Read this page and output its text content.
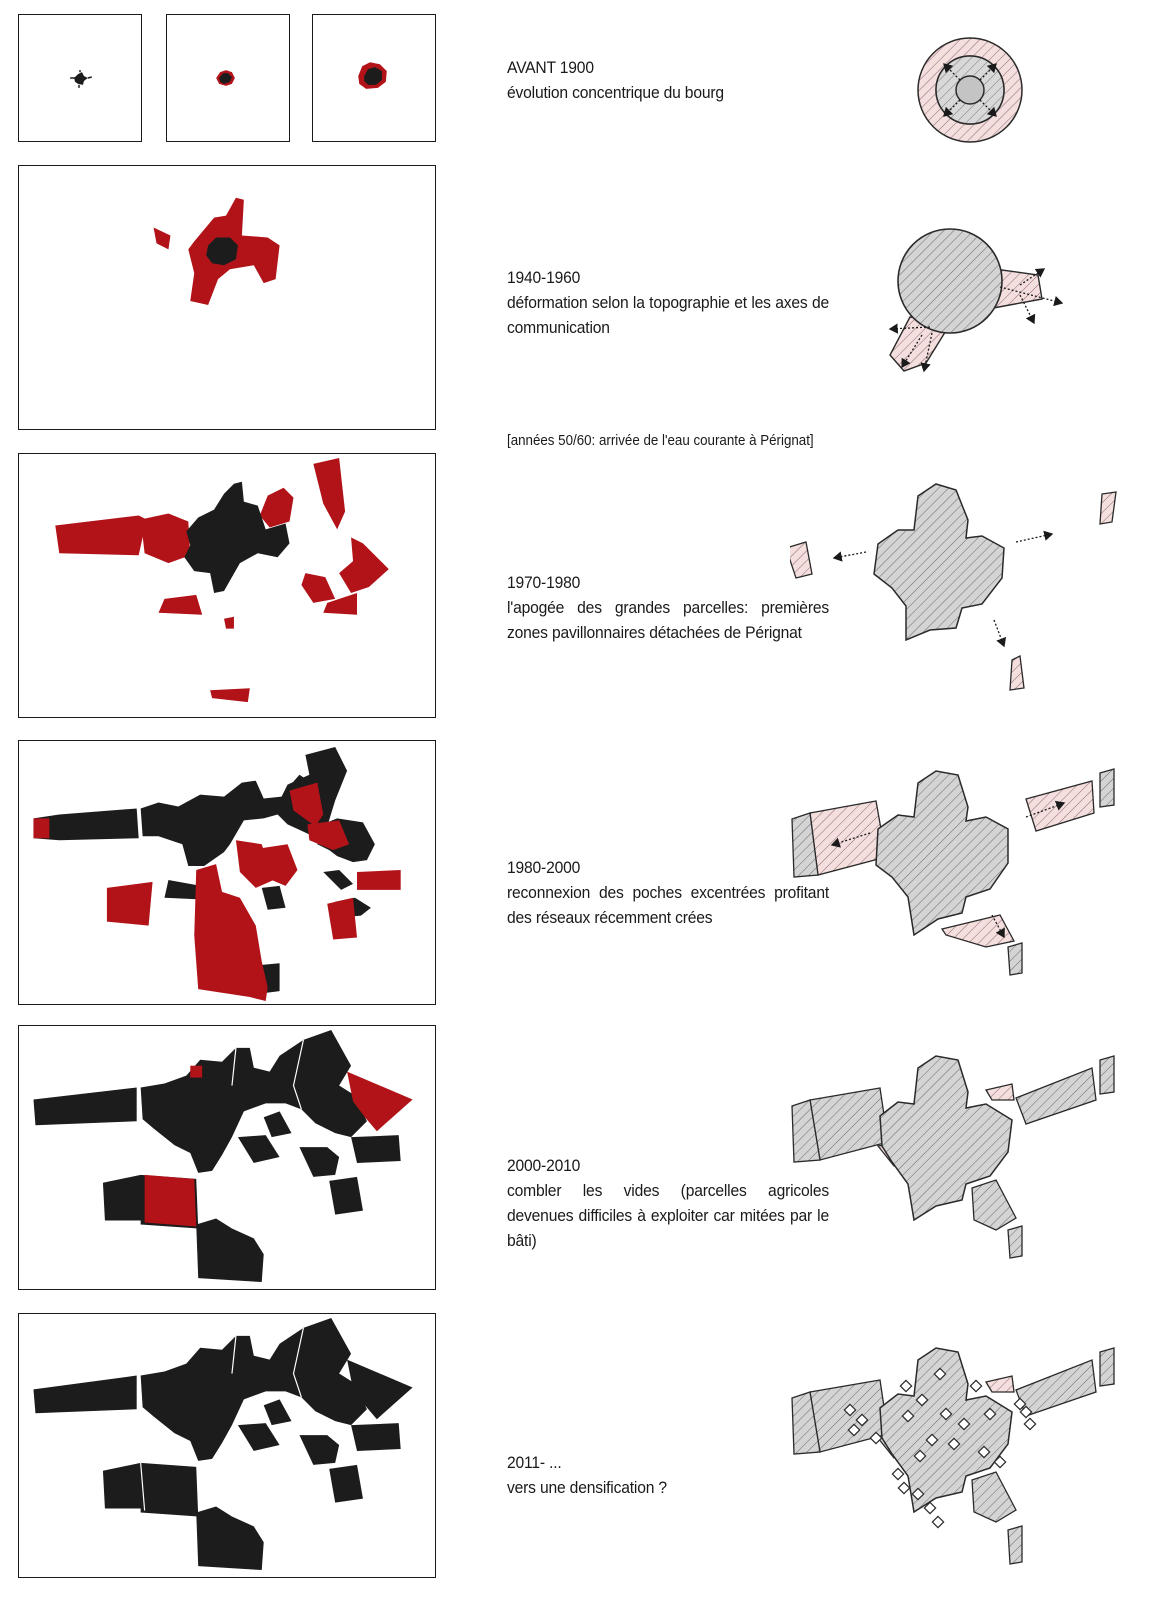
AVANT 1900
évolution concentrique du bourg
1940-1960
déformation selon la topographie et les axes de communication
[années 50/60: arrivée de l'eau courante à Pérignat]
1970-1980
l'apogée des grandes parcelles: premières zones pavillonnaires détachées de Pérignat
1980-2000
reconnexion des poches excentrées profitant des réseaux récemment crées
2000-2010
combler les vides (parcelles agricoles devenues difficiles à exploiter car mitées par le bâti)
2011- ...
vers une densification ?
